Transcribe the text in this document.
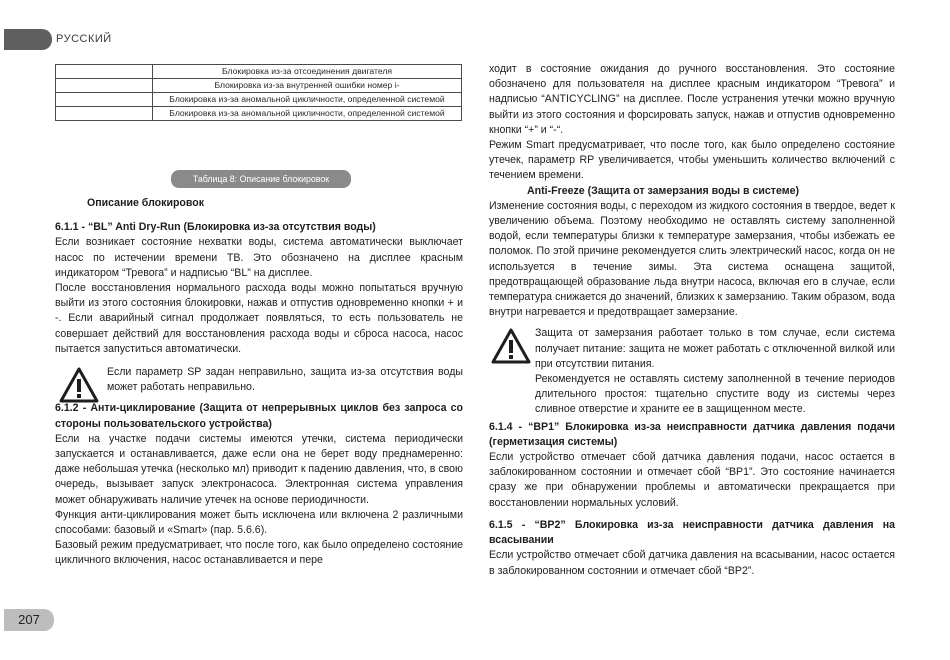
РУССКИЙ
	Блокировка из-за отсоединения двигателя
	Блокировка из-за внутренней ошибки номер i-
	Блокировка из-за аномальной цикличности, определенной системой
	Блокировка из-за аномальной цикличности, определенной системой
Таблица 8: Описание блокировок

Описание блокировок

6.1.1 - “BL” Anti Dry-Run (Блокировка из-за отсутствия воды)

Если возникает состояние нехватки воды, система автоматически выключает насос по истечении времени ТВ. Это обозначено на дисплее красным индикатором “Тревога” и надписью “BL” на дисплее.

После восстановления нормального расхода воды можно попытаться вручную выйти из этого состояния блокировки, нажав и отпустив одновременно кнопки + и -. Если аварийный сигнал продолжает появляться, то есть пользователь не совершает действий для восстановления расхода воды и сброса насоса, насос пытается запуститься автоматически.

Если параметр SP задан неправильно, защита из-за отсутствия воды может работать неправильно.

6.1.2 - Анти-циклирование (Защита от непрерывных циклов без запроса со стороны пользовательского устройства)

Если на участке подачи системы имеются утечки, система периодически запускается и останавливается, даже если она не берет воду преднамеренно: даже небольшая утечка (несколько мл) приводит к падению давления, что, в свою очередь, вызывает запуск электронасоса. Электронная система управления может обнаруживать наличие утечек на основе периодичности.

Функция анти-циклирования может быть исключена или включена 2 различными способами: базовый и «Smart» (пар. 5.6.6).

Базовый режим предусматривает, что после того, как было определено состояние цикличного включения, насос останавливается и пере

ходит в состояние ожидания до ручного восстановления. Это состояние обозначено для пользователя на дисплее красным индикатором “Тревога” и надписью “ANTICYCLING” на дисплее. После устранения утечки можно вручную выйти из этого состояния и форсировать запуск, нажав и отпустив одновременно кнопки “+” и “-“.

Режим Smart предусматривает, что после того, как было определено состояние утечек, параметр RP увеличивается, чтобы уменьшить количество включений с течением времени.

Anti-Freeze (Защита от замерзания воды в системе)

Изменение состояния воды, с переходом из жидкого состояния в твердое, ведет к увеличению объема. Поэтому необходимо не оставлять систему заполненной водой, если температуры близки к температуре замерзания, чтобы избежать ее поломок. По этой причине рекомендуется слить электрический насос, когда он не используется в течение зимы. Эта система оснащена защитой, предотвращающей образование льда внутри насоса, включая его в случае, если температура снижается до значений, близких к замерзанию. Таким образом, вода внутри нагревается и предотвращает замерзание.

Защита от замерзания работает только в том случае, если система получает питание: защита не может работать с отключенной вилкой или при отсутствии питания.

Рекомендуется не оставлять систему заполненной в течение периодов длительного простоя: тщательно спустите воду из системы через сливное отверстие и храните ее в защищенном месте.

6.1.4 - “BP1” Блокировка из-за неисправности датчика давления подачи (герметизация системы)

Если устройство отмечает сбой датчика давления подачи, насос остается в заблокированном состоянии и отмечает сбой “BP1”. Это состояние начинается сразу же при обнаружении проблемы и автоматически прекращается при восстановлении нормальных условий.

6.1.5 - “BP2” Блокировка из-за неисправности датчика давления на всасывании

Если устройство отмечает сбой датчика давления на всасывании, насос остается в заблокированном состоянии и отмечает сбой “BP2”.

207
